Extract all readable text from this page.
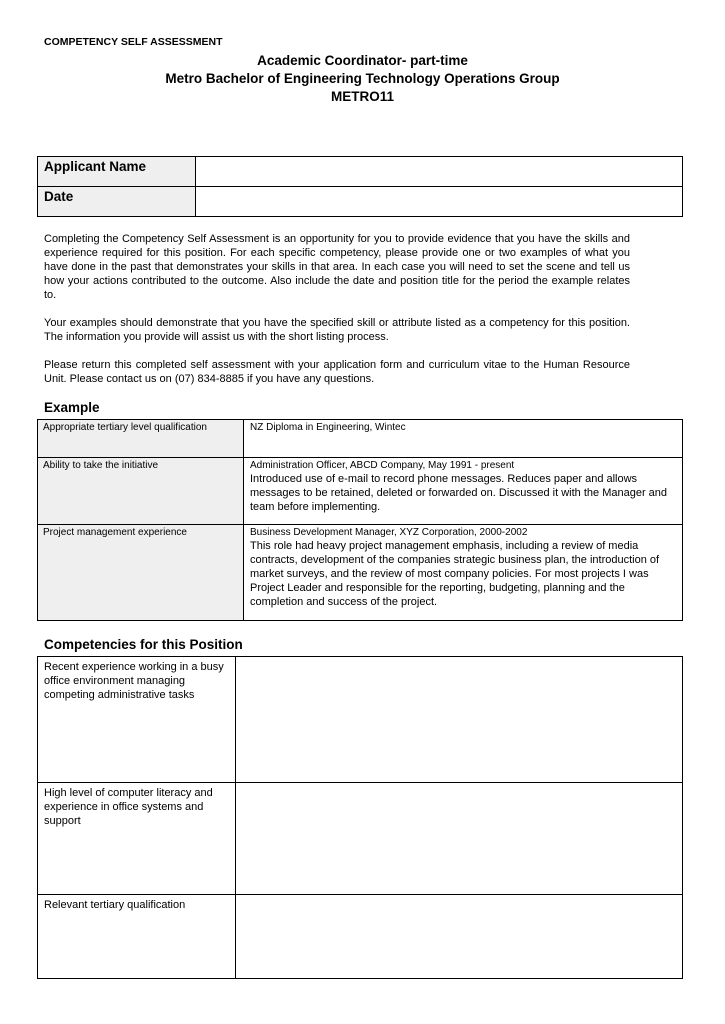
COMPETENCY SELF ASSESSMENT
Academic Coordinator- part-time
Metro Bachelor of Engineering Technology Operations Group
METRO11
Applicant Name	
Date	

Completing the Competency Self Assessment is an opportunity for you to provide evidence that you have the skills and experience required for this position. For each specific competency, please provide one or two examples of what you have done in the past that demonstrates your skills in that area. In each case you will need to set the scene and tell us how your actions contributed to the outcome. Also include the date and position title for the period the example relates to.

Your examples should demonstrate that you have the specified skill or attribute listed as a competency for this position. The information you provide will assist us with the short listing process.

Please return this completed self assessment with your application form and curriculum vitae to the Human Resource Unit. Please contact us on (07) 834-8885 if you have any questions.

Example
Appropriate tertiary level qualification	NZ Diploma in Engineering, Wintec

Ability to take the initiative	Administration Officer, ABCD Company, May 1991 - present
Introduced use of e-mail to record phone messages. Reduces paper and allows messages to be retained, deleted or forwarded on. Discussed it with the Manager and team before implementing.

Project management experience	Business Development Manager, XYZ Corporation, 2000-2002
This role had heavy project management emphasis, including a review of media contracts, development of the companies strategic business plan, the introduction of market surveys, and the review of most company policies. For most projects I was Project Leader and responsible for the reporting, budgeting, planning and the completion and success of the project.
Competencies for this Position
Recent experience working in a busy office environment managing competing administrative tasks	
High level of computer literacy and experience in office systems and support	
Relevant tertiary qualification	
